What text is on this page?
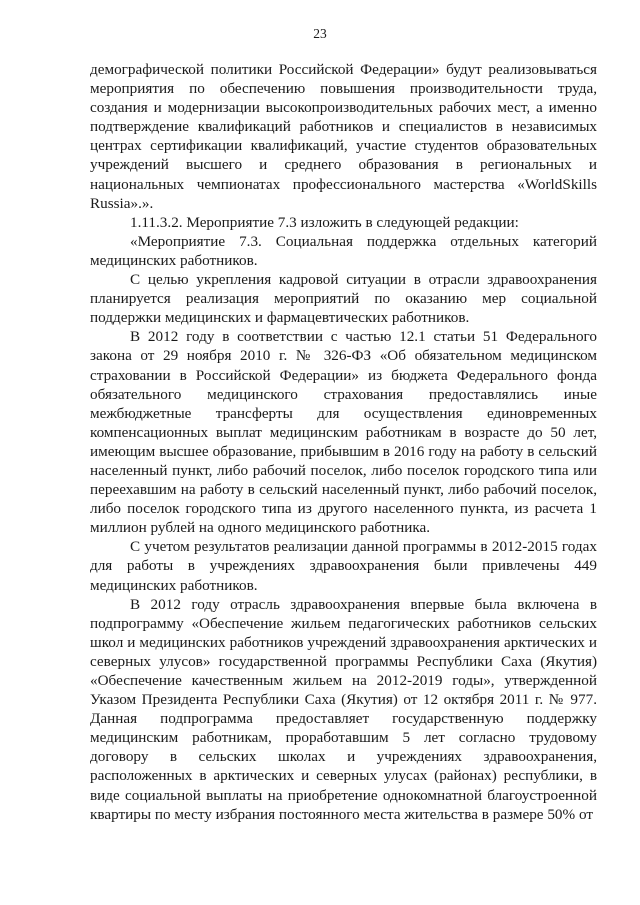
23

демографической политики Российской Федерации» будут реализовываться мероприятия по обеспечению повышения производительности труда, создания и модернизации высокопроизводительных рабочих мест, а именно подтверждение квалификаций работников и специалистов в независимых центрах сертификации квалификаций, участие студентов образовательных учреждений высшего и среднего образования в региональных и национальных чемпионатах профессионального мастерства «WorldSkills Russia».».

1.11.3.2. Мероприятие 7.3 изложить в следующей редакции:

«Мероприятие 7.3. Социальная поддержка отдельных категорий медицинских работников.

С целью укрепления кадровой ситуации в отрасли здравоохранения планируется реализация мероприятий по оказанию мер социальной поддержки медицинских и фармацевтических работников.

В 2012 году в соответствии с частью 12.1 статьи 51 Федерального закона от 29 ноября 2010 г. № 326-ФЗ «Об обязательном медицинском страховании в Российской Федерации» из бюджета Федерального фонда обязательного медицинского страхования предоставлялись иные межбюджетные трансферты для осуществления единовременных компенсационных выплат медицинским работникам в возрасте до 50 лет, имеющим высшее образование, прибывшим в 2016 году на работу в сельский населенный пункт, либо рабочий поселок, либо поселок городского типа или переехавшим на работу в сельский населенный пункт, либо рабочий поселок, либо поселок городского типа из другого населенного пункта, из расчета 1 миллион рублей на одного медицинского работника.

С учетом результатов реализации данной программы в 2012-2015 годах для работы в учреждениях здравоохранения были привлечены 449 медицинских работников.

В 2012 году отрасль здравоохранения впервые была включена в подпрограмму «Обеспечение жильем педагогических работников сельских школ и медицинских работников учреждений здравоохранения арктических и северных улусов» государственной программы Республики Саха (Якутия) «Обеспечение качественным жильем на 2012-2019 годы», утвержденной Указом Президента Республики Саха (Якутия) от 12 октября 2011 г. № 977. Данная подпрограмма предоставляет государственную поддержку медицинским работникам, проработавшим 5 лет согласно трудовому договору в сельских школах и учреждениях здравоохранения, расположенных в арктических и северных улусах (районах) республики, в виде социальной выплаты на приобретение однокомнатной благоустроенной квартиры по месту избрания постоянного места жительства в размере 50% от
